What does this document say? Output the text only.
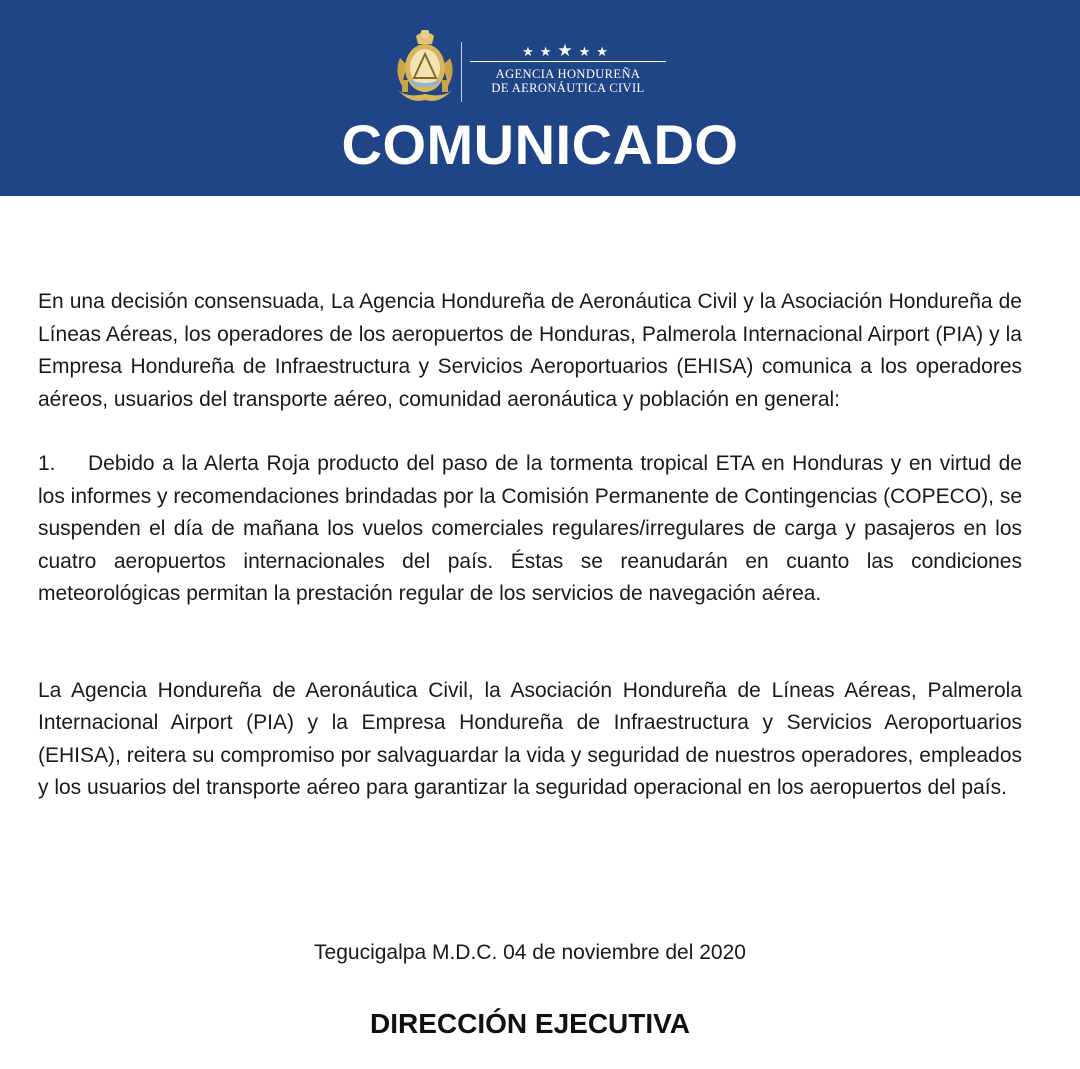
★★★★★
AGENCIA HONDUREÑA
DE AERONÁUTICA CIVIL
COMUNICADO

En una decisión consensuada, La Agencia Hondureña de Aeronáutica Civil y la Asociación Hondureña de Líneas Aéreas, los operadores de los aeropuertos de Honduras, Palmerola Internacional Airport (PIA) y la Empresa Hondureña de Infraestructura y Servicios Aeroportuarios (EHISA) comunica a los operadores aéreos, usuarios del transporte aéreo, comunidad aeronáutica y población en general:

1. Debido a la Alerta Roja producto del paso de la tormenta tropical ETA en Honduras y en virtud de los informes y recomendaciones brindadas por la Comisión Permanente de Contingencias (COPECO), se suspenden el día de mañana los vuelos comerciales regulares/irregulares de carga y pasajeros en los cuatro aeropuertos internacionales del país. Éstas se reanudarán en cuanto las condiciones meteorológicas permitan la prestación regular de los servicios de navegación aérea.

La Agencia Hondureña de Aeronáutica Civil, la Asociación Hondureña de Líneas Aéreas, Palmerola Internacional Airport (PIA) y la Empresa Hondureña de Infraestructura y Servicios Aeroportuarios (EHISA), reitera su compromiso por salvaguardar la vida y seguridad de nuestros operadores, empleados y los usuarios del transporte aéreo para garantizar la seguridad operacional en los aeropuertos del país.

Tegucigalpa M.D.C. 04 de noviembre del 2020
DIRECCIÓN EJECUTIVA
